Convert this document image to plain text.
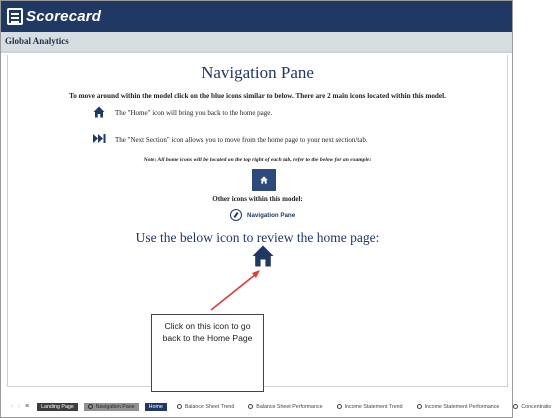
Scorecard
Global Analytics
Navigation Pane
To move around within the model click on the blue icons similar to below. There are 2 main icons located within this model.
The "Home" icon will bring you back to the home page.
The "Next Section" icon allows you to move from the home page to your next section/tab.
Note: All home icons will be located on the top right of each tab, refer to the below for an example:
Other icons within this model:
Navigation Pane
Use the below icon to review the home page:
Click on this icon to go back to the Home Page
‹ › ≡	Landing Page	Navigation Pane	Home	Balance Sheet Trend	Balance Sheet Performance	Income Statement Trend	Income Statement Performance	Concentratio
